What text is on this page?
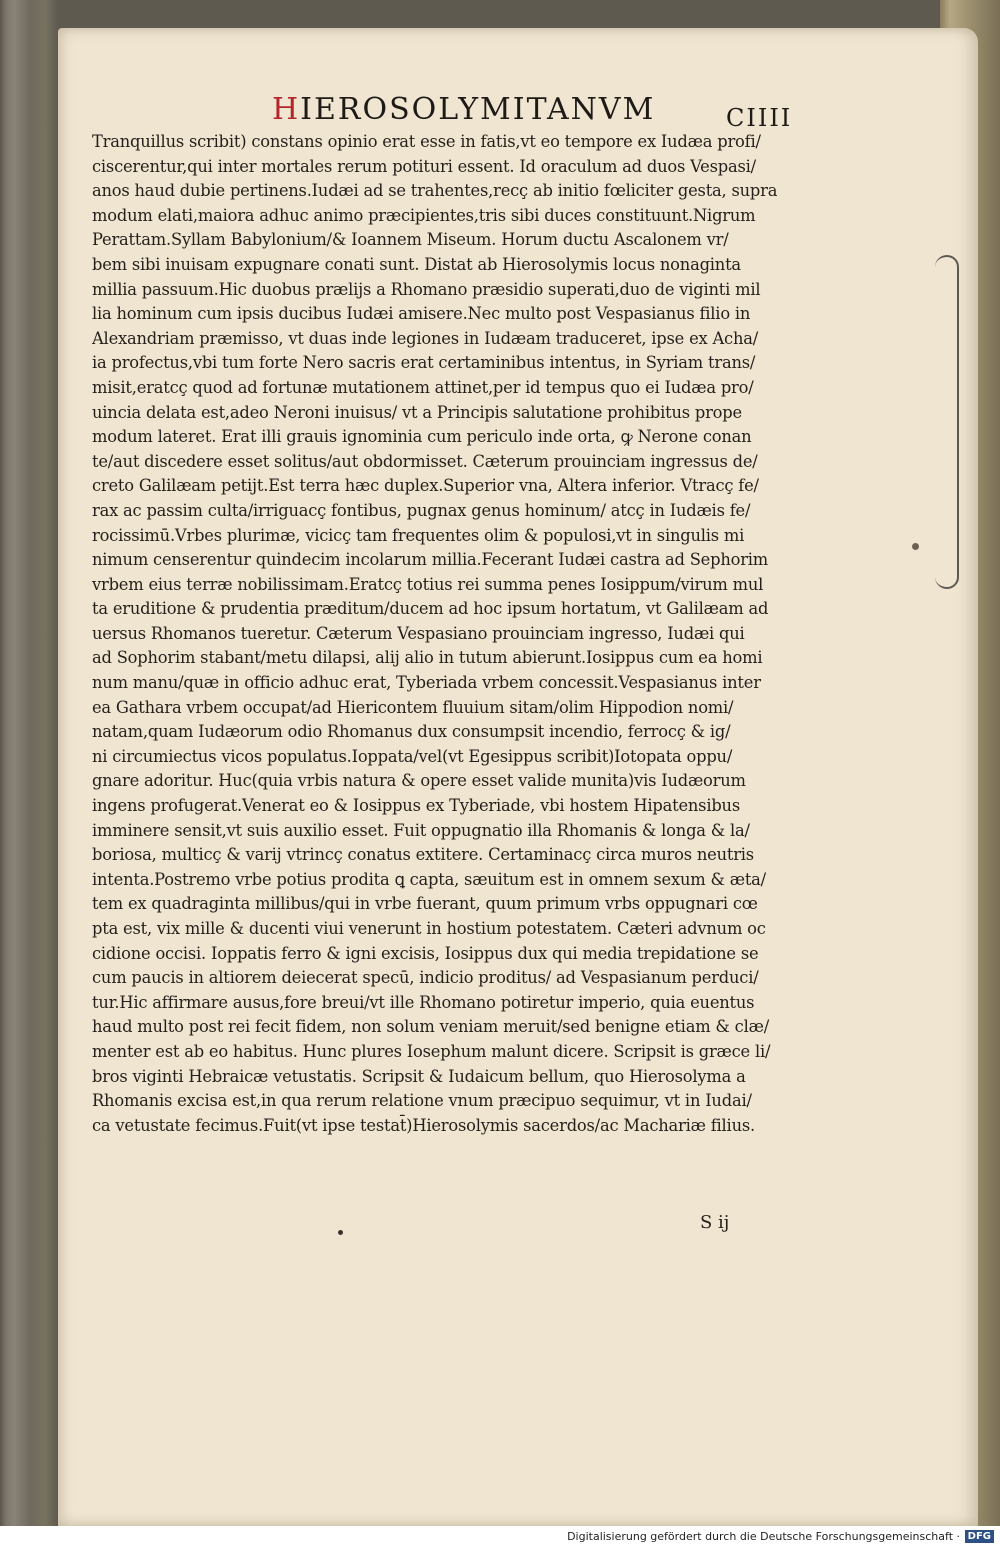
HIEROSOLYMITANVM	CIIII
Tranquillus scribit) constans opinio erat esse in fatis,vt eo tempore ex Iudæa profi/
ciscerentur,qui inter mortales rerum potituri essent. Id oraculum ad duos Vespasi/
anos haud dubie pertinens.Iudæi ad se trahentes,recç ab initio fœliciter gesta, supra
modum elati,maiora adhuc animo præcipientes,tris sibi duces constituunt.Nigrum
Perattam.Syllam Babylonium/& Ioannem Miseum. Horum ductu Ascalonem vr/
bem sibi inuisam expugnare conati sunt. Distat ab Hierosolymis locus nonaginta
millia passuum.Hic duobus prælijs a Rhomano præsidio superati,duo de viginti mil
lia hominum cum ipsis ducibus Iudæi amisere.Nec multo post Vespasianus filio in
Alexandriam præmisso, vt duas inde legiones in Iudæam traduceret, ipse ex Acha/
ia profectus,vbi tum forte Nero sacris erat certaminibus intentus, in Syriam trans/
misit,eratcç quod ad fortunæ mutationem attinet,per id tempus quo ei Iudæa pro/
uincia delata est,adeo Neroni inuisus/ vt a Principis salutatione prohibitus prope
modum lateret. Erat illi grauis ignominia cum periculo inde orta, ꝙ Nerone conan
te/aut discedere esset solitus/aut obdormisset. Cæterum prouinciam ingressus de/
creto Galilæam petijt.Est terra hæc duplex.Superior vna, Altera inferior. Vtracç fe/
rax ac passim culta/irriguacç fontibus, pugnax genus hominum/ atcç in Iudæis fe/
rocissimū.Vrbes plurimæ, vicicç tam frequentes olim & populosi,vt in singulis mi
nimum censerentur quindecim incolarum millia.Fecerant Iudæi castra ad Sephorim
vrbem eius terræ nobilissimam.Eratcç totius rei summa penes Iosippum/virum mul
ta eruditione & prudentia præditum/ducem ad hoc ipsum hortatum, vt Galilæam ad
uersus Rhomanos tueretur. Cæterum Vespasiano prouinciam ingresso, Iudæi qui
ad Sophorim stabant/metu dilapsi, alij alio in tutum abierunt.Iosippus cum ea homi
num manu/quæ in officio adhuc erat, Tyberiada vrbem concessit.Vespasianus inter
ea Gathara vrbem occupat/ad Hiericontem fluuium sitam/olim Hippodion nomi/
natam,quam Iudæorum odio Rhomanus dux consumpsit incendio, ferrocç & ig/
ni circumiectus vicos populatus.Ioppata/vel(vt Egesippus scribit)Iotopata oppu/
gnare adoritur. Huc(quia vrbis natura & opere esset valide munita)vis Iudæorum
ingens profugerat.Venerat eo & Iosippus ex Tyberiade, vbi hostem Hipatensibus
imminere sensit,vt suis auxilio esset. Fuit oppugnatio illa Rhomanis & longa & la/
boriosa, multicç & varij vtrincç conatus extitere. Certaminacç circa muros neutris
intenta.Postremo vrbe potius prodita ꝗ capta, sæuitum est in omnem sexum & æta/
tem ex quadraginta millibus/qui in vrbe fuerant, quum primum vrbs oppugnari cœ
pta est, vix mille & ducenti viui venerunt in hostium potestatem. Cæteri advnum oc
cidione occisi. Ioppatis ferro & igni excisis, Iosippus dux qui media trepidatione se
cum paucis in altiorem deiecerat specū, indicio proditus/ ad Vespasianum perduci/
tur.Hic affirmare ausus,fore breui/vt ille Rhomano potiretur imperio, quia euentus
haud multo post rei fecit fidem, non solum veniam meruit/sed benigne etiam & clæ/
menter est ab eo habitus. Hunc plures Iosephum malunt dicere. Scripsit is græce li/
bros viginti Hebraicæ vetustatis. Scripsit & Iudaicum bellum, quo Hierosolyma a
Rhomanis excisa est,in qua rerum relatione vnum præcipuo sequimur, vt in Iudai/
ca vetustate fecimus.Fuit(vt ipse testat̄)Hierosolymis sacerdos/ac Machariæ filius.
S ij
Digitalisierung gefördert durch die Deutsche Forschungsgemeinschaft · DFG
